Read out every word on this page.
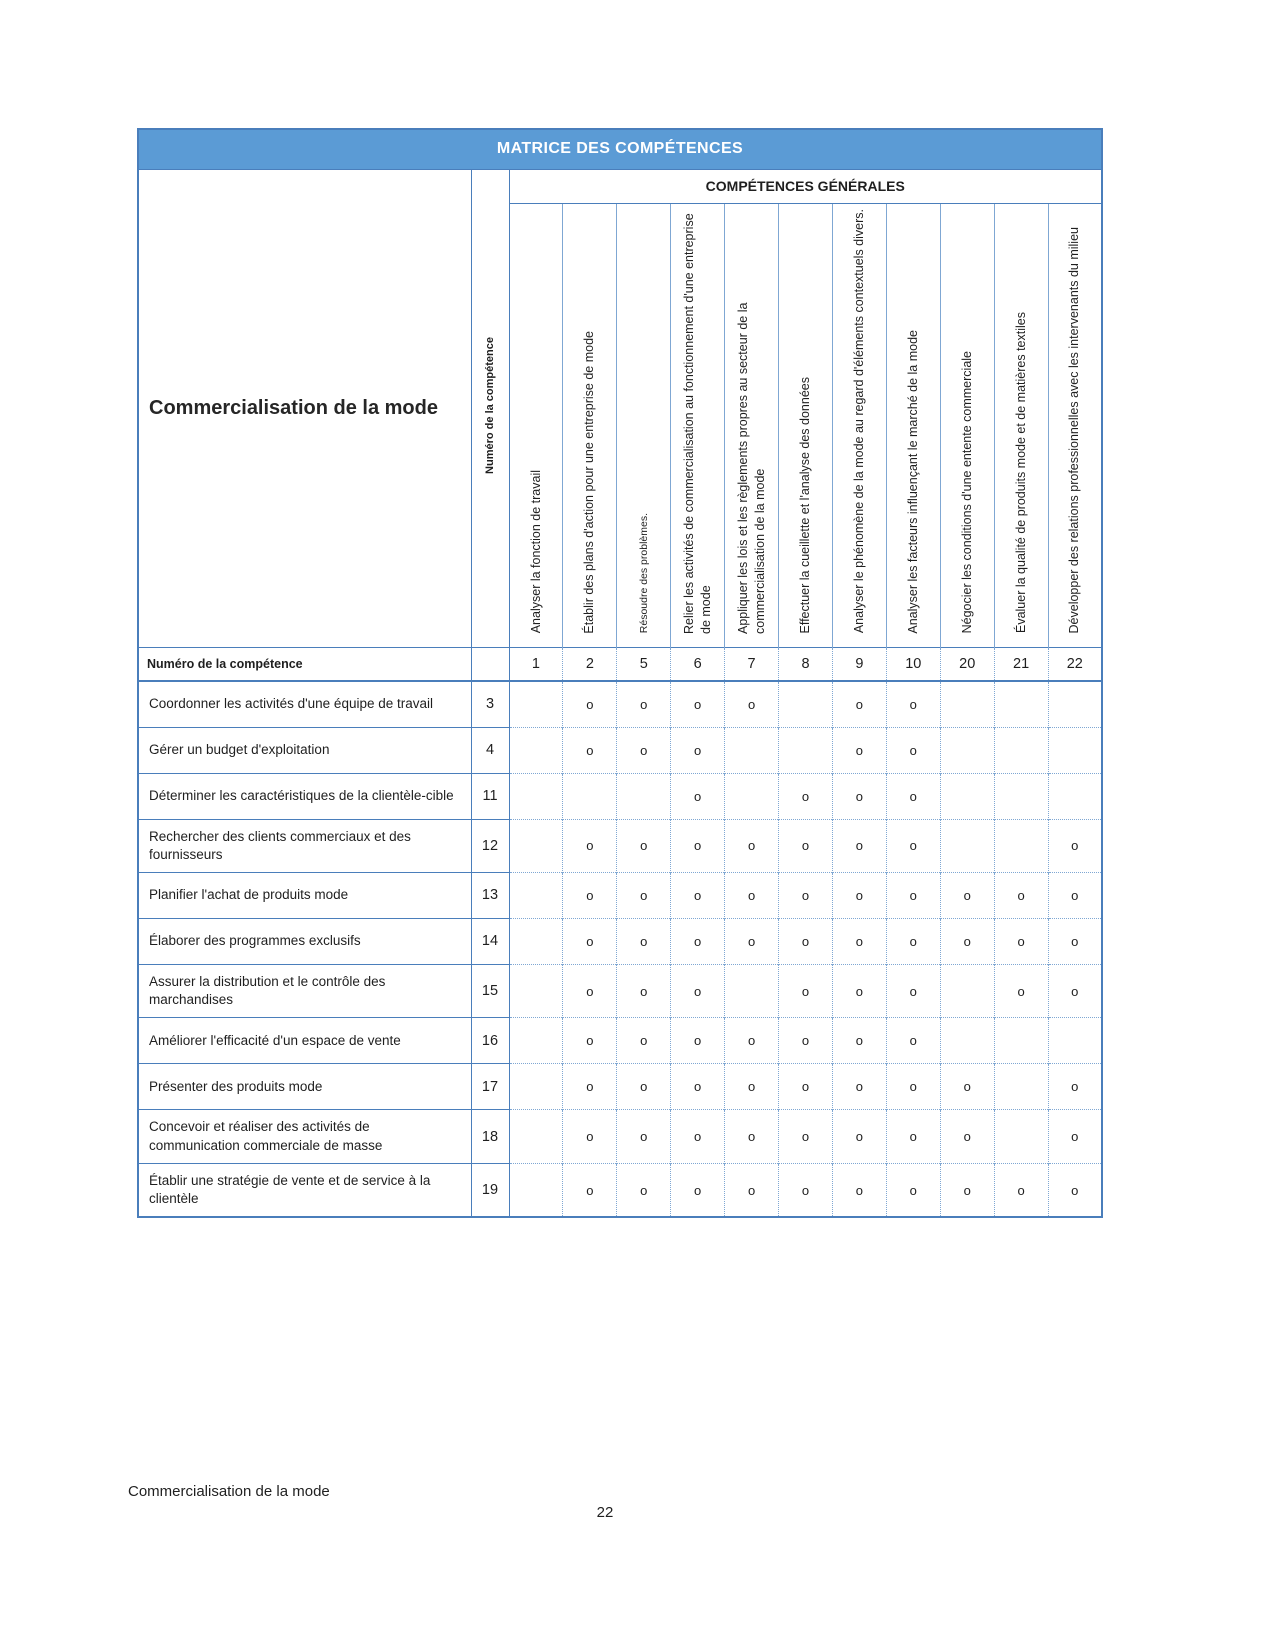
MATRICE DES COMPÉTENCES												
Commercialisation de la mode	Numéro de la compétence	COMPÉTENCES GÉNÉRALES										
		Analyser la fonction de travail	Établir des plans d'action pour une entreprise de mode	Résoudre des problèmes.	Relier les activités de commercialisation au fonctionnement d'une entreprise de mode	Appliquer les lois et les règlements propres au secteur de la commercialisation de la mode	Effectuer la cueillette et l'analyse des données	Analyser le phénomène de la mode au regard d'éléments contextuels divers.	Analyser les facteurs influençant le marché de la mode	Négocier les conditions d'une entente commerciale	Évaluer la qualité de produits mode et de matières textiles	Développer des relations professionnelles avec les intervenants du milieu
Numéro de la compétence		1	2	5	6	7	8	9	10	20	21	22
Coordonner les activités d'une équipe de travail	3		o	o	o	o		o	o			
Gérer un budget d'exploitation	4		o	o	o			o	o			
Déterminer les caractéristiques de la clientèle-cible	11				o		o	o	o			
Rechercher des clients commerciaux et des fournisseurs	12		o	o	o	o	o	o	o			o
Planifier l'achat de produits mode	13		o	o	o	o	o	o	o	o	o	o
Élaborer des programmes exclusifs	14		o	o	o	o	o	o	o	o	o	o
Assurer la distribution et le contrôle des marchandises	15		o	o	o		o	o	o		o	o
Améliorer l'efficacité d'un espace de vente	16		o	o	o	o	o	o	o			
Présenter des produits mode	17		o	o	o	o	o	o	o	o		o
Concevoir et réaliser des activités de communication commerciale de masse	18		o	o	o	o	o	o	o	o		o
Établir une stratégie de vente et de service à la clientèle	19		o	o	o	o	o	o	o	o	o	o
Commercialisation de la mode
22
